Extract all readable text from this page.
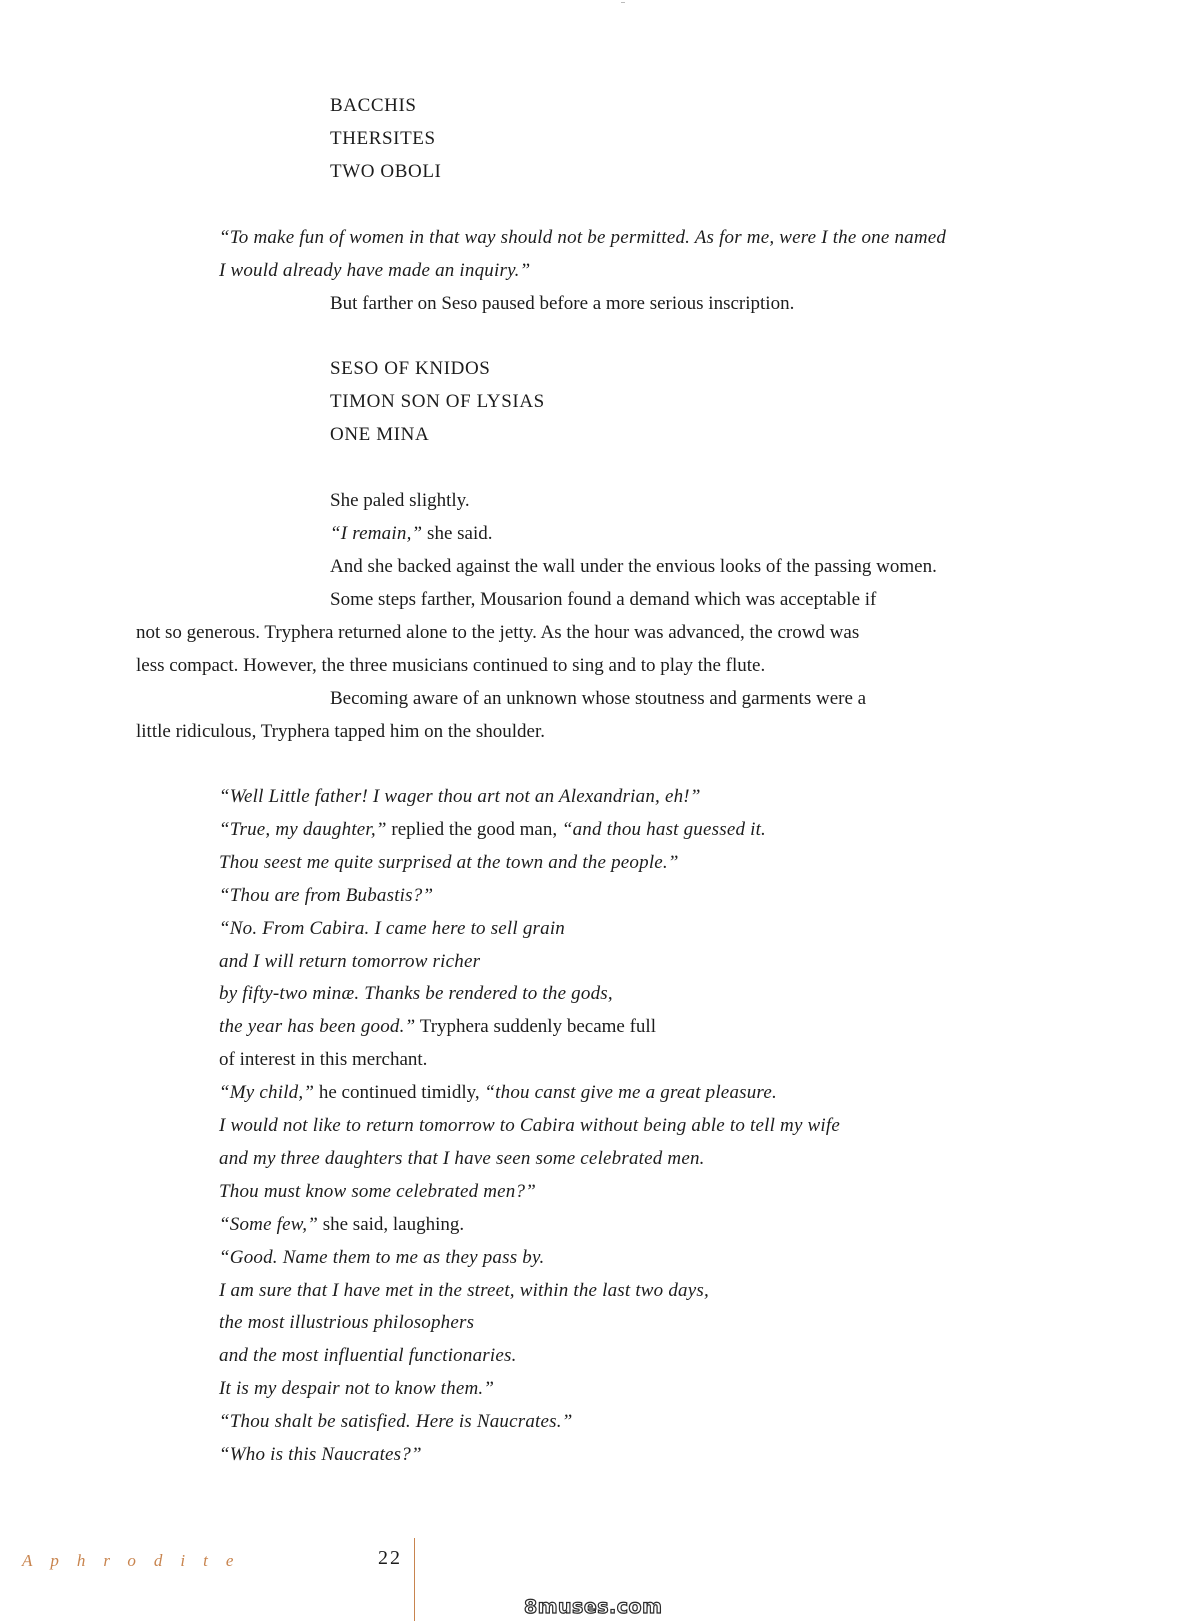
BACCHIS
THERSITES
TWO OBOLI
“To make fun of women in that way should not be permitted. As for me, were I the one named
I would already have made an inquiry.”
But farther on Seso paused before a more serious inscription.
SESO OF KNIDOS
TIMON SON OF LYSIAS
ONE MINA
She paled slightly.
“I remain,” she said.
And she backed against the wall under the envious looks of the passing women.
Some steps farther, Mousarion found a demand which was acceptable if
not so generous. Tryphera returned alone to the jetty. As the hour was advanced, the crowd was
less compact. However, the three musicians continued to sing and to play the flute.
Becoming aware of an unknown whose stoutness and garments were a
little ridiculous, Tryphera tapped him on the shoulder.
“Well Little father! I wager thou art not an Alexandrian, eh!”
“True, my daughter,” replied the good man, “and thou hast guessed it.
Thou seest me quite surprised at the town and the people.”
“Thou are from Bubastis?”
“No. From Cabira. I came here to sell grain
and I will return tomorrow richer
by fifty-two minæ. Thanks be rendered to the gods,
the year has been good.” Tryphera suddenly became full
of interest in this merchant.
“My child,” he continued timidly, “thou canst give me a great pleasure.
I would not like to return tomorrow to Cabira without being able to tell my wife
and my three daughters that I have seen some celebrated men.
Thou must know some celebrated men?”
“Some few,” she said, laughing.
“Good. Name them to me as they pass by.
I am sure that I have met in the street, within the last two days,
the most illustrious philosophers
and the most influential functionaries.
It is my despair not to know them.”
“Thou shalt be satisfied. Here is Naucrates.”
“Who is this Naucrates?”
Aphrodite	22
8muses.com
